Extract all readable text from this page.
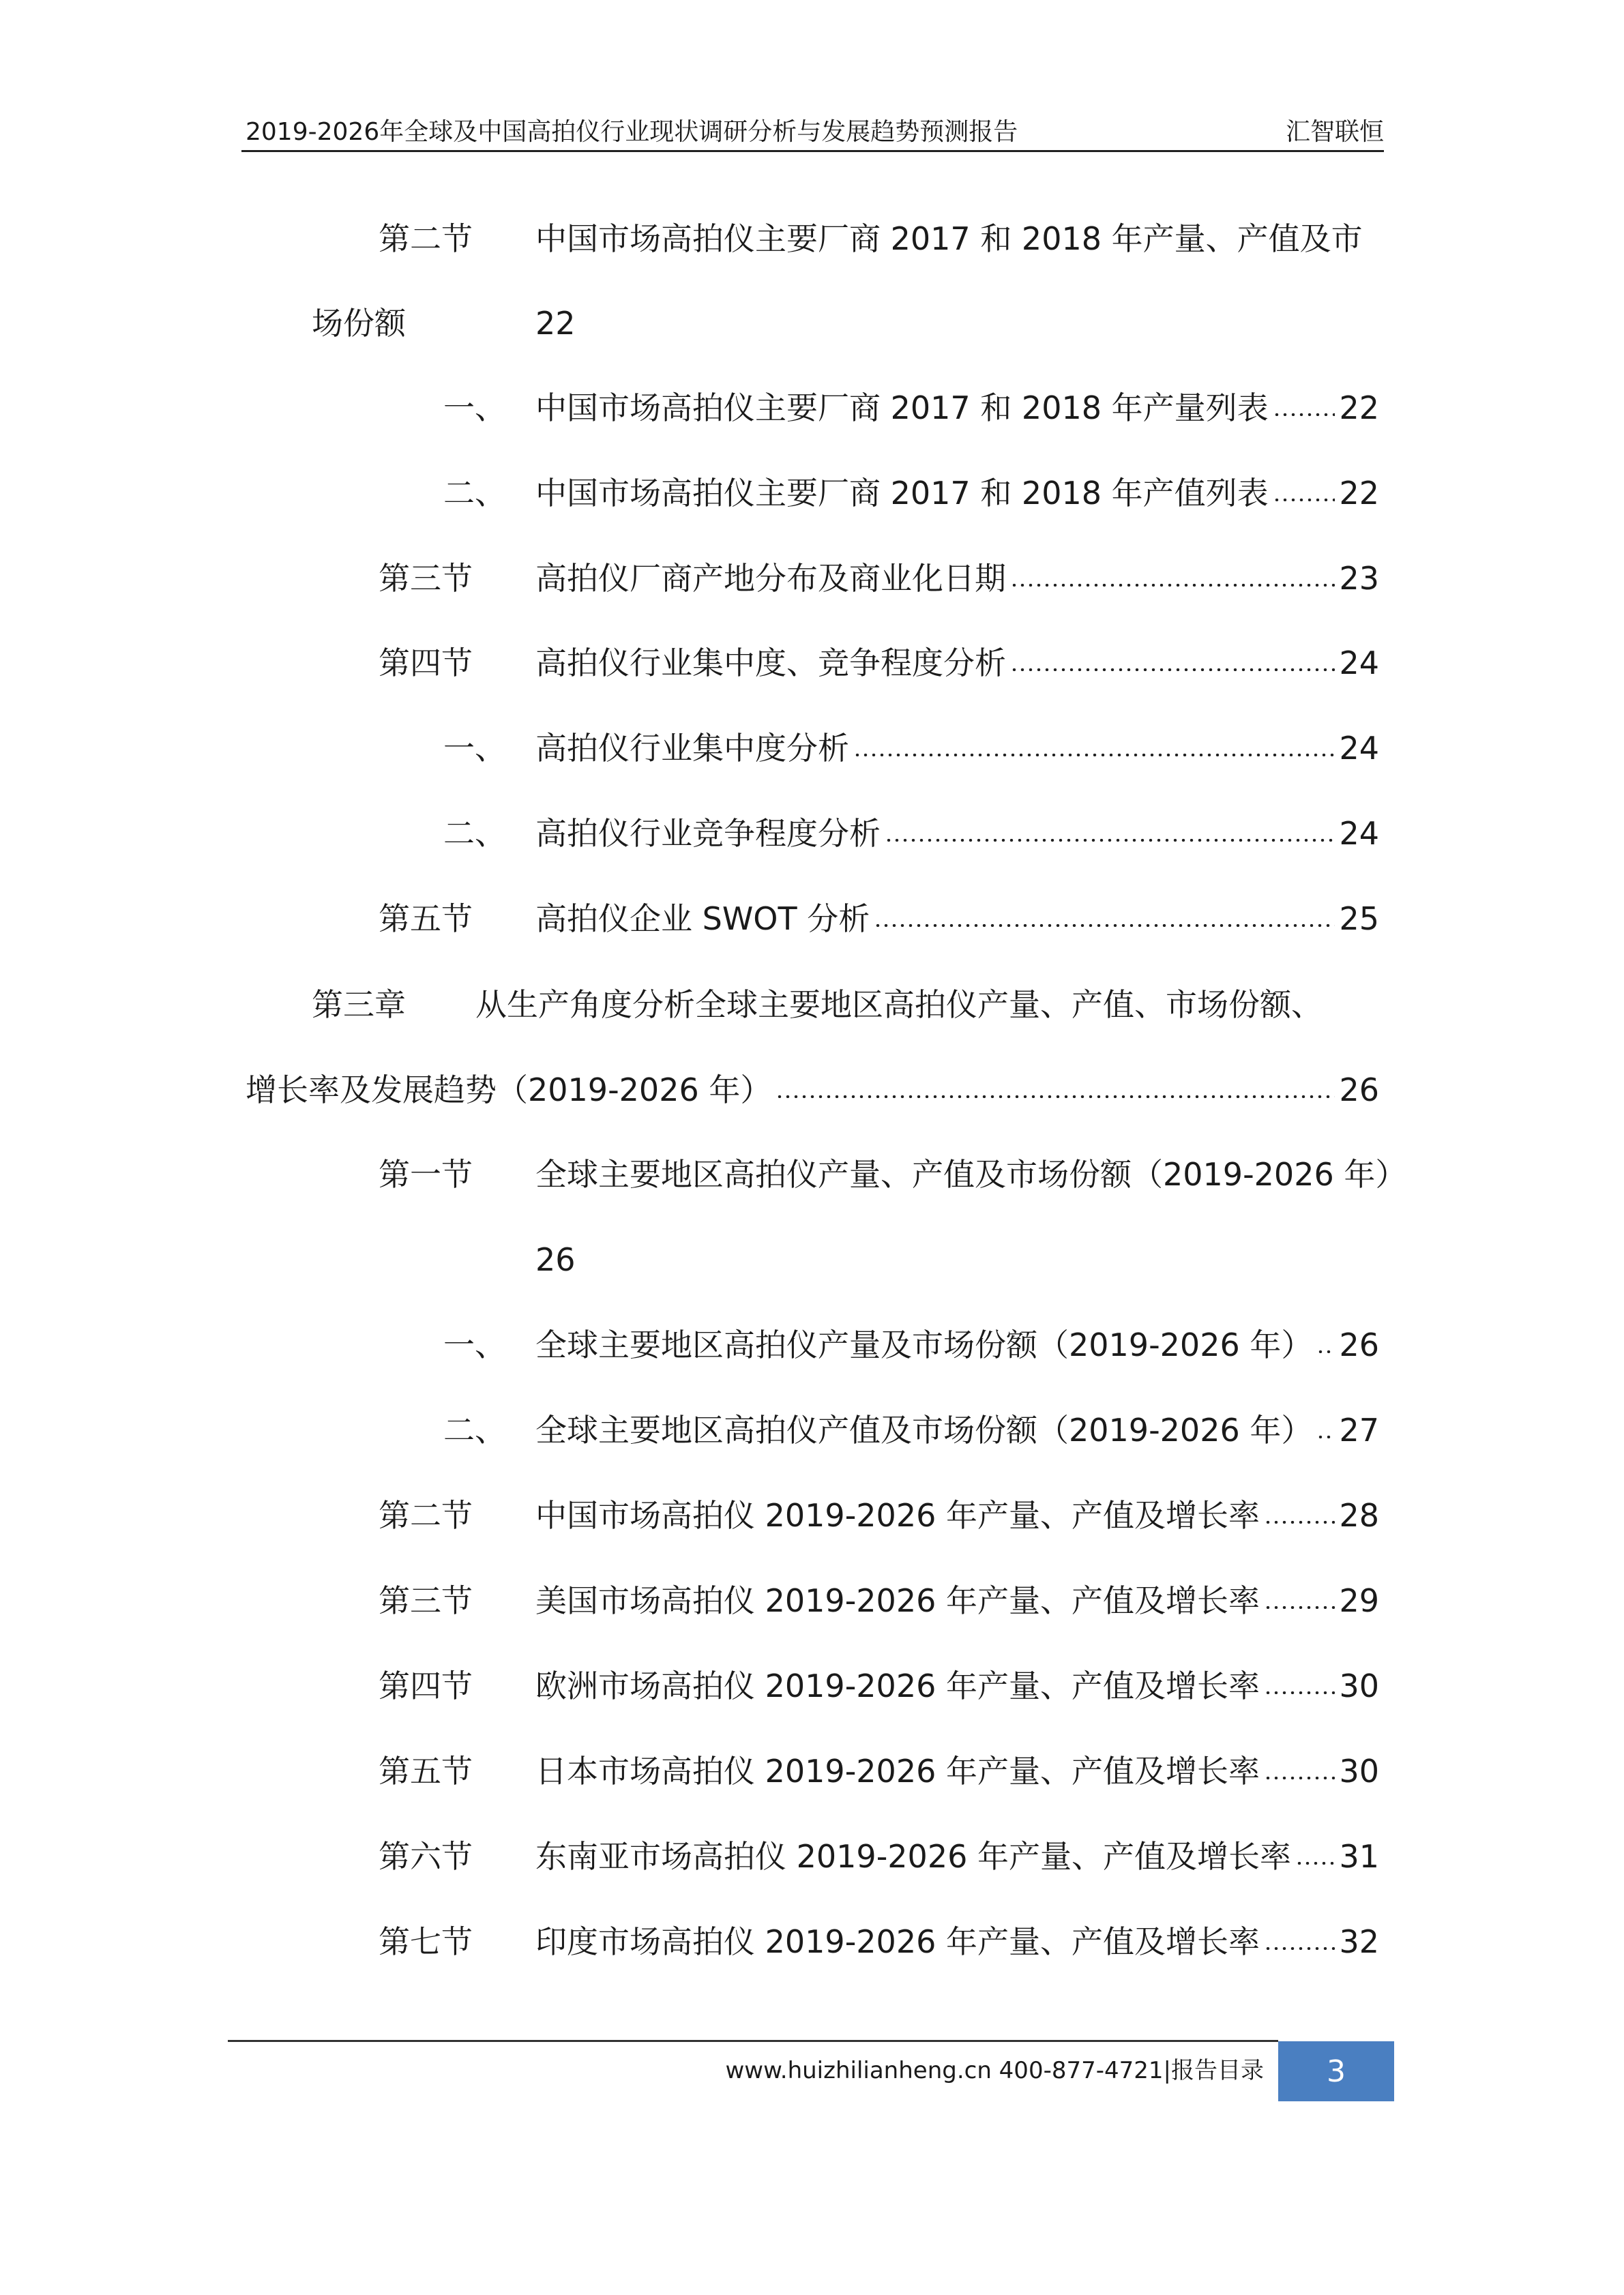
2019-2026年全球及中国高拍仪行业现状调研分析与发展趋势预测报告	汇智联恒
第二节	中国市场高拍仪主要厂商 2017 和 2018 年产量、产值及市
场份额	22
一、 中国市场高拍仪主要厂商 2017 和 2018 年产量列表 22
二、 中国市场高拍仪主要厂商 2017 和 2018 年产值列表 22
第三节	高拍仪厂商产地分布及商业化日期	23
第四节	高拍仪行业集中度、竞争程度分析	24
一、 高拍仪行业集中度分析	24
二、 高拍仪行业竞争程度分析	24
第五节	高拍仪企业 SWOT 分析	25
第三章	从生产角度分析全球主要地区高拍仪产量、产值、市场份额、
增长率及发展趋势（2019-2026 年）	26
第一节	全球主要地区高拍仪产量、产值及市场份额（2019-2026 年）
26
一、 全球主要地区高拍仪产量及市场份额（2019-2026 年） 26
二、 全球主要地区高拍仪产值及市场份额（2019-2026 年） 27
第二节	中国市场高拍仪 2019-2026 年产量、产值及增长率	28
第三节	美国市场高拍仪 2019-2026 年产量、产值及增长率	29
第四节	欧洲市场高拍仪 2019-2026 年产量、产值及增长率	30
第五节	日本市场高拍仪 2019-2026 年产量、产值及增长率	30
第六节	东南亚市场高拍仪 2019-2026 年产量、产值及增长率 31
第七节	印度市场高拍仪 2019-2026 年产量、产值及增长率	32
www.huizhilianheng.cn 400-877-4721|报告目录 3
